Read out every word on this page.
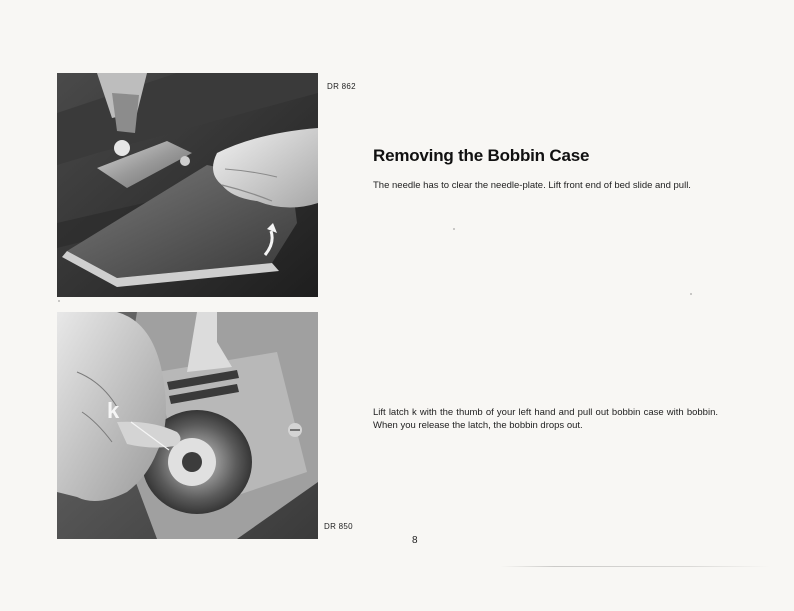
DR 862
k
DR 850
Removing the Bobbin Case

The needle has to clear the needle-plate. Lift front end of bed slide and pull.

Lift latch k with the thumb of your left hand and pull out bobbin case with bobbin. When you release the latch, the bobbin drops out.

8
